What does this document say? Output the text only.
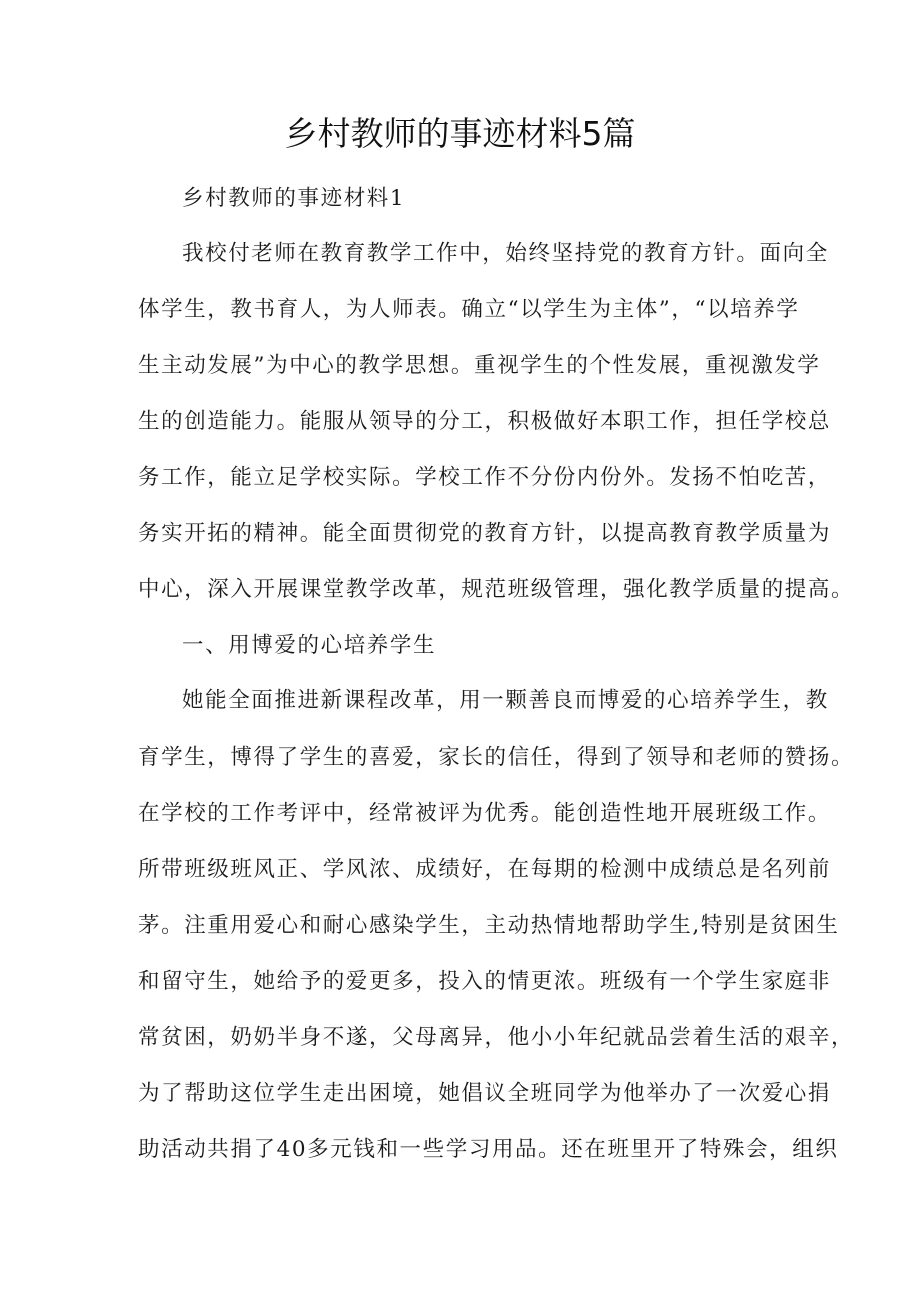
乡村教师的事迹材料5篇
乡村教师的事迹材料1
我校付老师在教育教学工作中，始终坚持党的教育方针。面向全
体学生，教书育人，为人师表。确立“以学生为主体”，“以培养学
生主动发展”为中心的教学思想。重视学生的个性发展，重视激发学
生的创造能力。能服从领导的分工，积极做好本职工作，担任学校总
务工作，能立足学校实际。学校工作不分份内份外。发扬不怕吃苦，
务实开拓的精神。能全面贯彻党的教育方针，以提高教育教学质量为
中心，深入开展课堂教学改革，规范班级管理，强化教学质量的提高。
一、用博爱的心培养学生
她能全面推进新课程改革，用一颗善良而博爱的心培养学生，教
育学生，博得了学生的喜爱，家长的信任，得到了领导和老师的赞扬。
在学校的工作考评中，经常被评为优秀。能创造性地开展班级工作。
所带班级班风正、学风浓、成绩好，在每期的检测中成绩总是名列前
茅。注重用爱心和耐心感染学生，主动热情地帮助学生,特别是贫困生
和留守生，她给予的爱更多，投入的情更浓。班级有一个学生家庭非
常贫困，奶奶半身不遂，父母离异，他小小年纪就品尝着生活的艰辛，
为了帮助这位学生走出困境，她倡议全班同学为他举办了一次爱心捐
助活动共捐了40多元钱和一些学习用品。还在班里开了特殊会，组织
